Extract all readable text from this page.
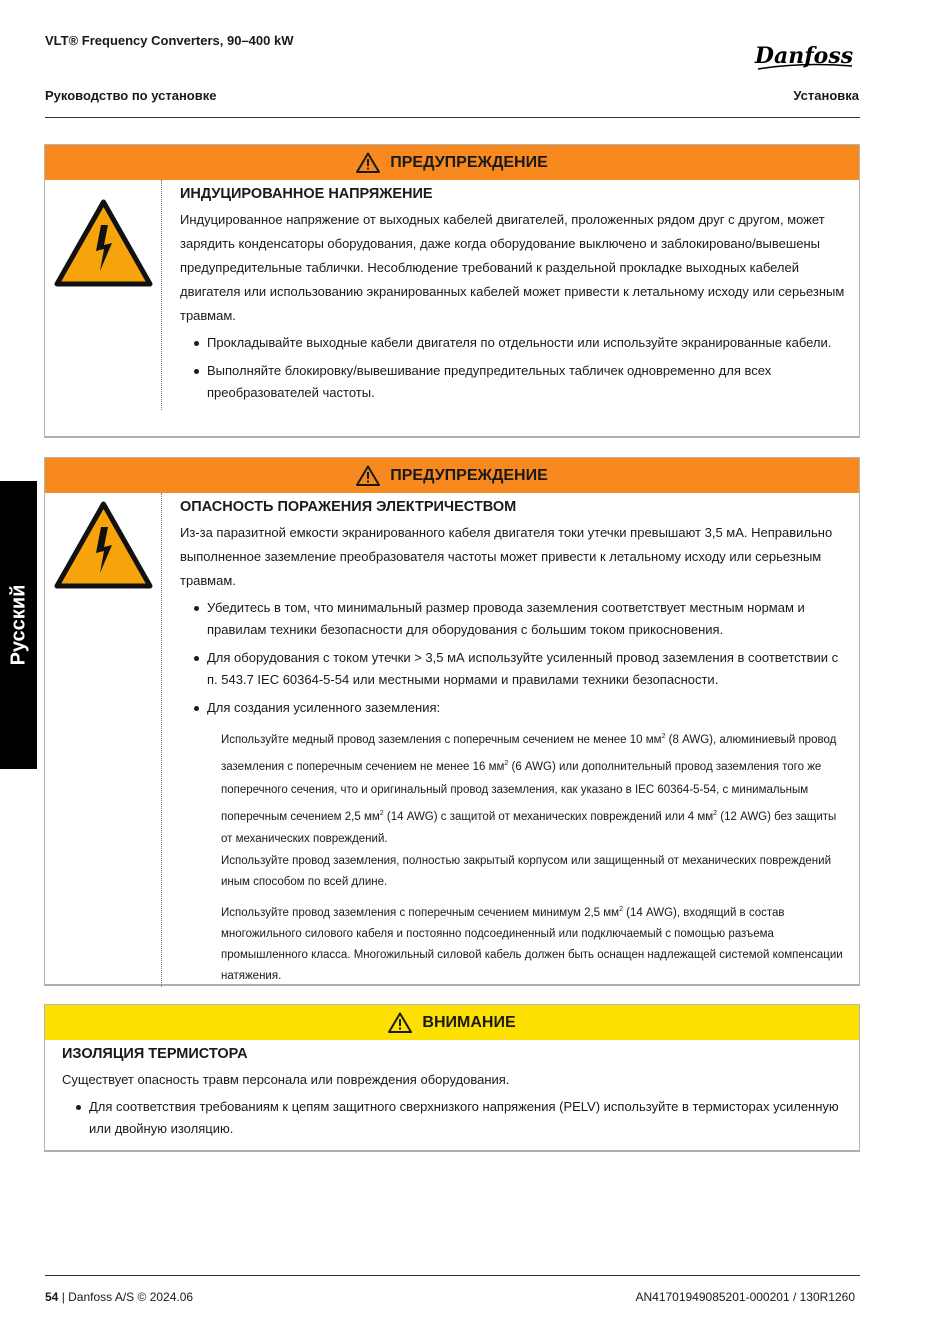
VLT® Frequency Converters, 90–400 kW
Danfoss
Руководство по установке	Установка
Русский
ПРЕДУПРЕЖДЕНИЕ
ИНДУЦИРОВАННОЕ НАПРЯЖЕНИЕ

Индуцированное напряжение от выходных кабелей двигателей, проложенных рядом друг с другом, может зарядить конденсаторы оборудования, даже когда оборудование выключено и заблокировано/вывешены предупредительные таблички. Несоблюдение требований к раздельной прокладке выходных кабелей двигателя или использованию экранированных кабелей может привести к летальному исходу или серьезным травмам.

Прокладывайте выходные кабели двигателя по отдельности или используйте экранированные кабели.
Выполняйте блокировку/вывешивание предупредительных табличек одновременно для всех преобразователей частоты.
ПРЕДУПРЕЖДЕНИЕ
ОПАСНОСТЬ ПОРАЖЕНИЯ ЭЛЕКТРИЧЕСТВОМ

Из-за паразитной емкости экранированного кабеля двигателя токи утечки превышают 3,5 мА. Неправильно выполненное заземление преобразователя частоты может привести к летальному исходу или серьезным травмам.

Убедитесь в том, что минимальный размер провода заземления соответствует местным нормам и правилам техники безопасности для оборудования с большим током прикосновения.
Для оборудования с током утечки > 3,5 мА используйте усиленный провод заземления в соответствии с п. 543.7 IEC 60364-5-54 или местными нормами и правилами техники безопасности.
Для создания усиленного заземления:

Используйте медный провод заземления с поперечным сечением не менее 10 $мм^2$ (8 AWG), алюминиевый провод заземления с поперечным сечением не менее 16 $мм^2$ (6 AWG) или дополнительный провод заземления того же поперечного сечения, что и оригинальный провод заземления, как указано в IEC 60364-5-54, с минимальным поперечным сечением 2,5 $мм^2$ (14 AWG) с защитой от механических повреждений или 4 $мм^2$ (12 AWG) без защиты от механических повреждений.

Используйте провод заземления, полностью закрытый корпусом или защищенный от механических повреждений иным способом по всей длине.

Используйте провод заземления с поперечным сечением минимум 2,5 $мм^2$ (14 AWG), входящий в состав многожильного силового кабеля и постоянно подсоединенный или подключаемый с помощью разъема промышленного класса. Многожильный силовой кабель должен быть оснащен надлежащей системой компенсации натяжения.

ВНИМАНИЕ
ИЗОЛЯЦИЯ ТЕРМИСТОРА

Существует опасность травм персонала или повреждения оборудования.

Для соответствия требованиям к цепям защитного сверхнизкого напряжения (PELV) используйте в термисторах усиленную или двойную изоляцию.
54 | Danfoss A/S © 2024.06	AN41701949085201-000201 / 130R1260
